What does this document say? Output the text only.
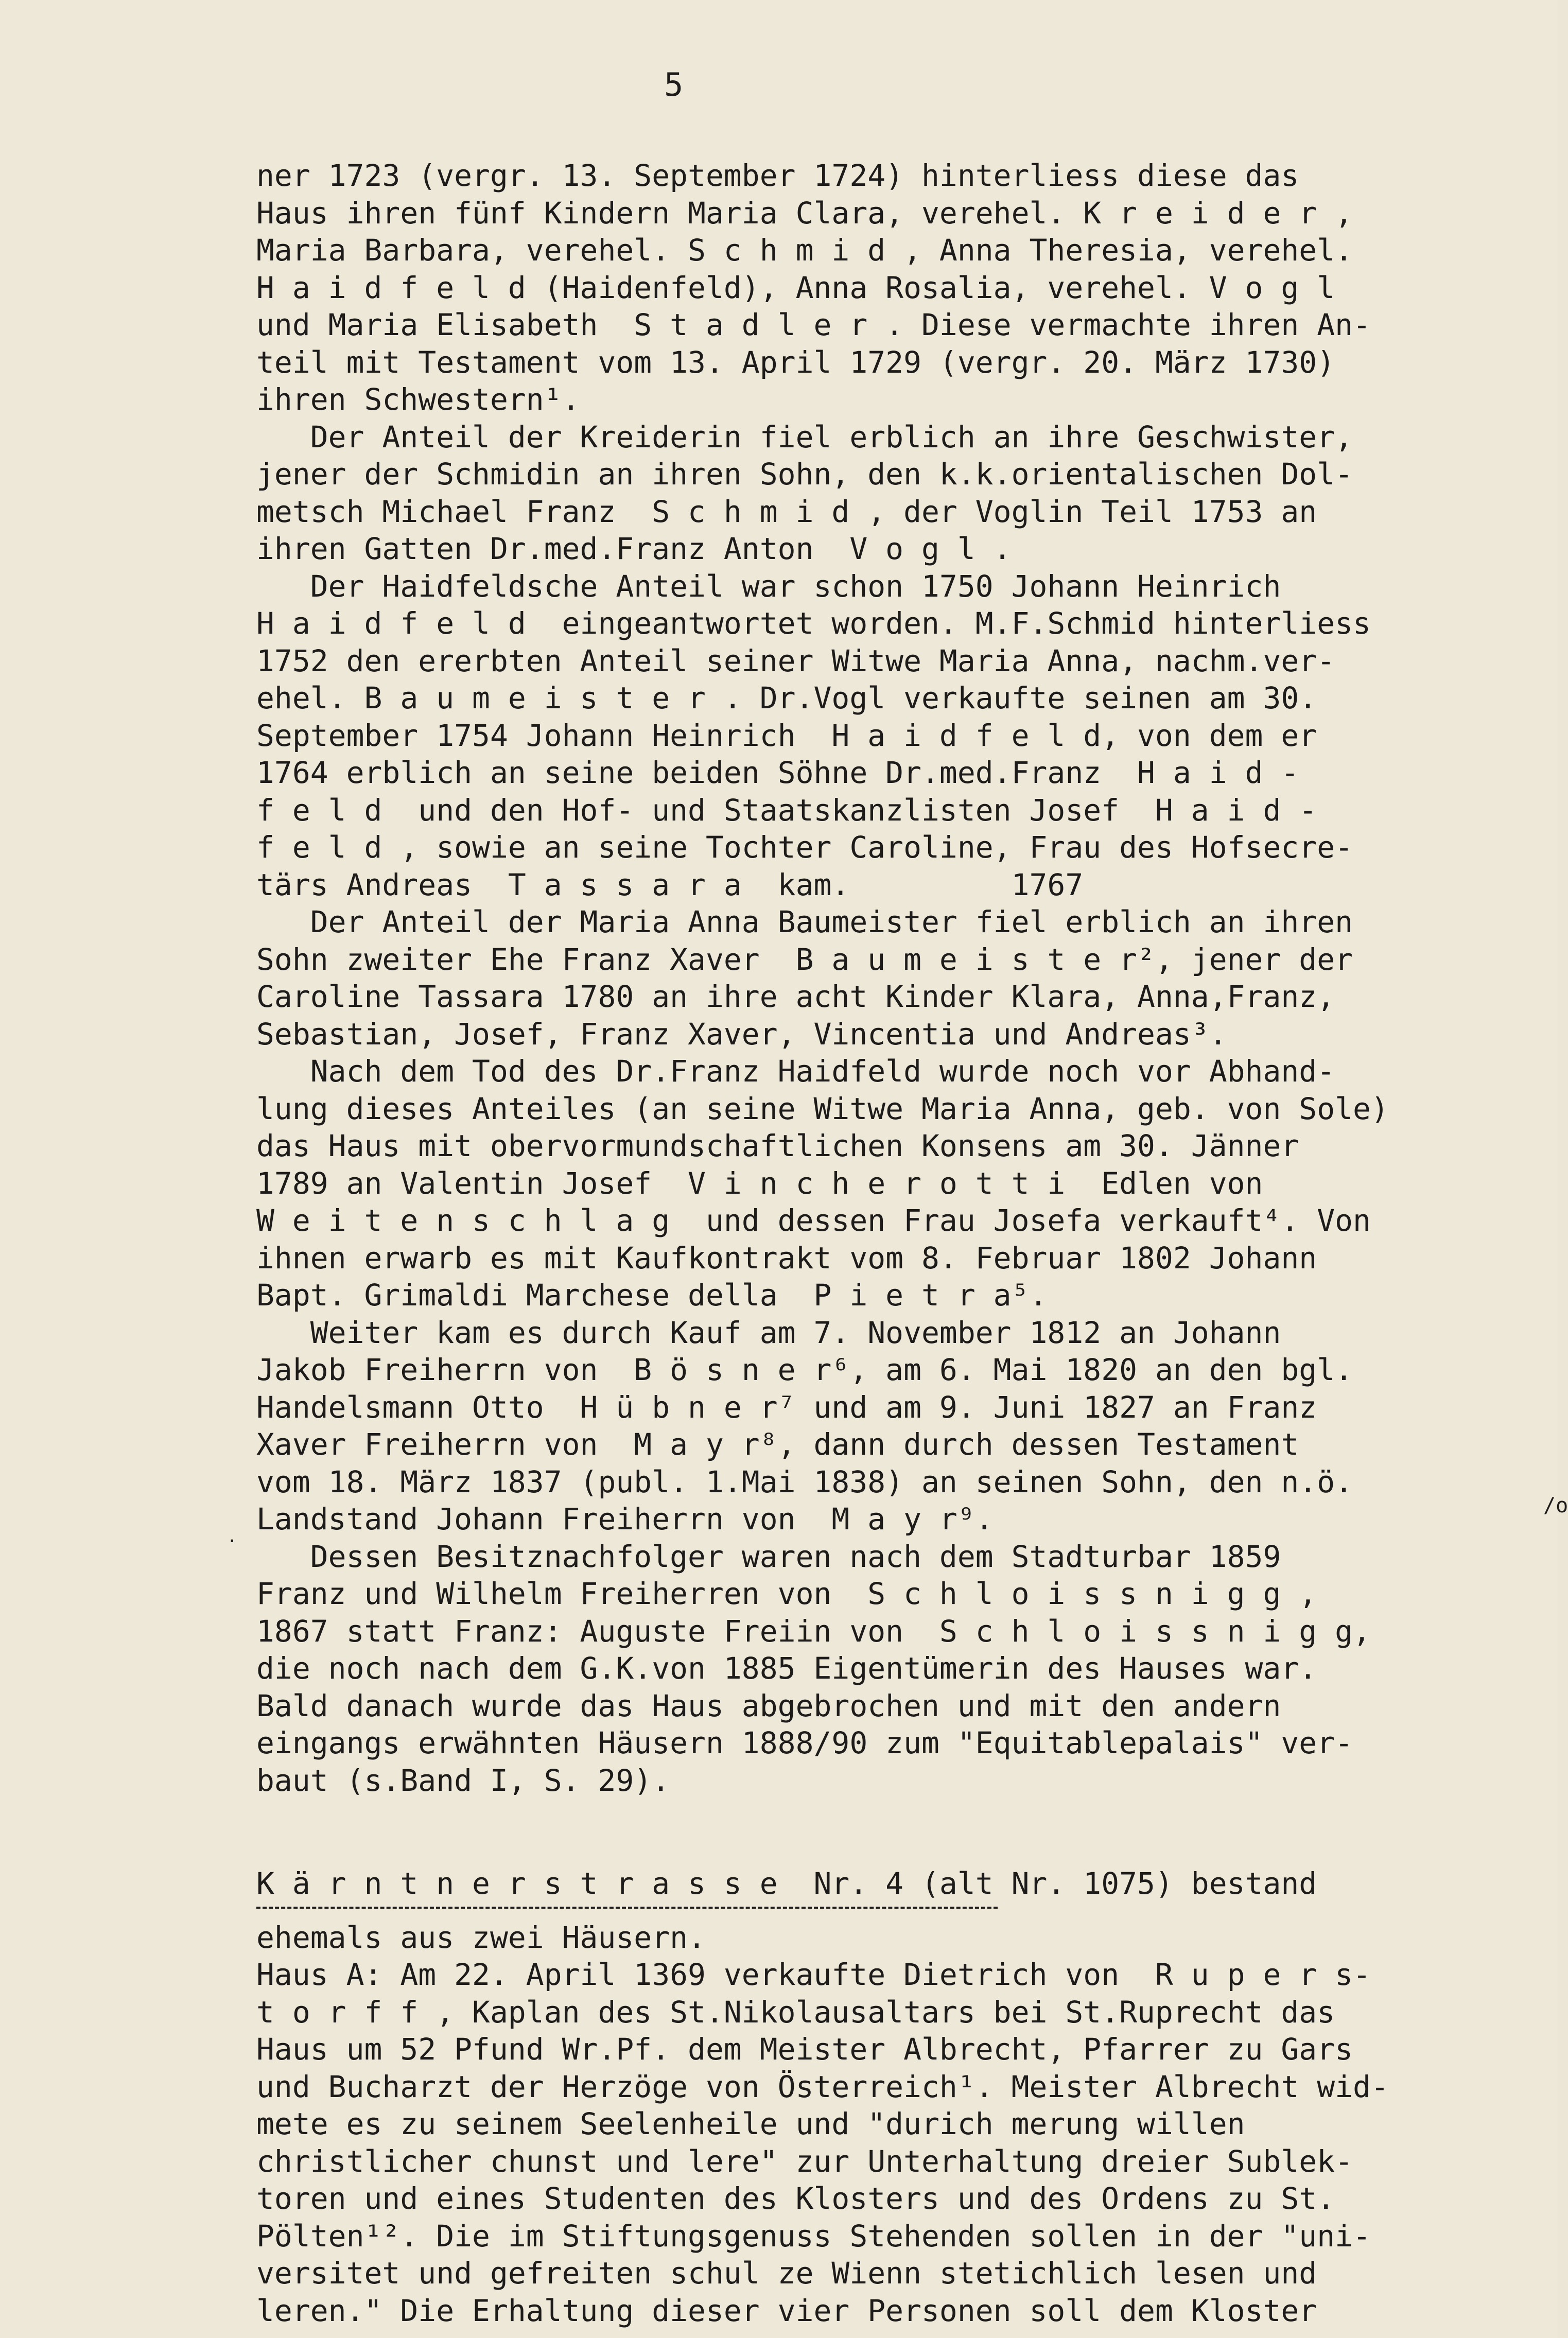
5
·
/o
ner 1723 (vergr. 13. September 1724) hinterliess diese das
Haus ihren fünf Kindern Maria Clara, verehel. K r e i d e r ,
Maria Barbara, verehel. S c h m i d , Anna Theresia, verehel.
H a i d f e l d (Haidenfeld), Anna Rosalia, verehel. V o g l
und Maria Elisabeth  S t a d l e r . Diese vermachte ihren An-
teil mit Testament vom 13. April 1729 (vergr. 20. März 1730)
ihren Schwestern¹.
Der Anteil der Kreiderin fiel erblich an ihre Geschwister,
jener der Schmidin an ihren Sohn, den k.k.orientalischen Dol-
metsch Michael Franz  S c h m i d , der Voglin Teil 1753 an
ihren Gatten Dr.med.Franz Anton  V o g l .
Der Haidfeldsche Anteil war schon 1750 Johann Heinrich
H a i d f e l d  eingeantwortet worden. M.F.Schmid hinterliess
1752 den ererbten Anteil seiner Witwe Maria Anna, nachm.ver-
ehel. B a u m e i s t e r . Dr.Vogl verkaufte seinen am 30.
September 1754 Johann Heinrich  H a i d f e l d, von dem er
1764 erblich an seine beiden Söhne Dr.med.Franz  H a i d -
f e l d  und den Hof- und Staatskanzlisten Josef  H a i d -
f e l d , sowie an seine Tochter Caroline, Frau des Hofsecre-
tärs Andreas  T a s s a r a  kam.         1767
Der Anteil der Maria Anna Baumeister fiel erblich an ihren
Sohn zweiter Ehe Franz Xaver  B a u m e i s t e r², jener der
Caroline Tassara 1780 an ihre acht Kinder Klara, Anna,Franz,
Sebastian, Josef, Franz Xaver, Vincentia und Andreas³.
Nach dem Tod des Dr.Franz Haidfeld wurde noch vor Abhand-
lung dieses Anteiles (an seine Witwe Maria Anna, geb. von Sole)
das Haus mit obervormundschaftlichen Konsens am 30. Jänner
1789 an Valentin Josef  V i n c h e r o t t i  Edlen von
W e i t e n s c h l a g  und dessen Frau Josefa verkauft⁴. Von
ihnen erwarb es mit Kaufkontrakt vom 8. Februar 1802 Johann
Bapt. Grimaldi Marchese della  P i e t r a⁵.
Weiter kam es durch Kauf am 7. November 1812 an Johann
Jakob Freiherrn von  B ö s n e r⁶, am 6. Mai 1820 an den bgl.
Handelsmann Otto  H ü b n e r⁷ und am 9. Juni 1827 an Franz
Xaver Freiherrn von  M a y r⁸, dann durch dessen Testament
vom 18. März 1837 (publ. 1.Mai 1838) an seinen Sohn, den n.ö.
Landstand Johann Freiherrn von  M a y r⁹.
Dessen Besitznachfolger waren nach dem Stadturbar 1859
Franz und Wilhelm Freiherren von  S c h l o i s s n i g g ,
1867 statt Franz: Auguste Freiin von  S c h l o i s s n i g g,
die noch nach dem G.K.von 1885 Eigentümerin des Hauses war.
Bald danach wurde das Haus abgebrochen und mit den andern
eingangs erwähnten Häusern 1888/90 zum "Equitablepalais" ver-
baut (s.Band I, S. 29).
K ä r n t n e r s t r a s s e  Nr. 4 (alt Nr. 1075) bestand
ehemals aus zwei Häusern.
Haus A: Am 22. April 1369 verkaufte Dietrich von  R u p e r s-
t o r f f , Kaplan des St.Nikolausaltars bei St.Ruprecht das
Haus um 52 Pfund Wr.Pf. dem Meister Albrecht, Pfarrer zu Gars
und Bucharzt der Herzöge von Österreich¹. Meister Albrecht wid-
mete es zu seinem Seelenheile und "durich merung willen
christlicher chunst und lere" zur Unterhaltung dreier Sublek-
toren und eines Studenten des Klosters und des Ordens zu St.
Pölten¹². Die im Stiftungsgenuss Stehenden sollen in der "uni-
versitet und gefreiten schul ze Wienn stetichlich lesen und
leren." Die Erhaltung dieser vier Personen soll dem Kloster
